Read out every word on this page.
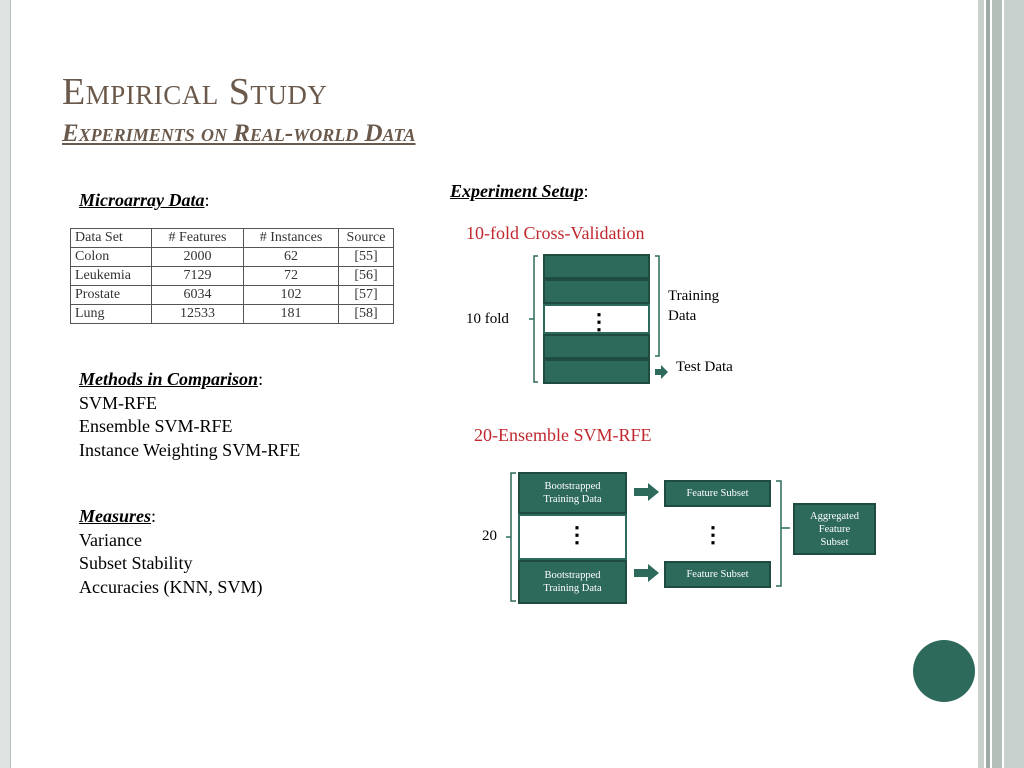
Empirical Study
Experiments on Real-world Data
Microarray Data:
Data Set	# Features	# Instances	Source
Colon	2000	62	[55]
Leukemia	7129	72	[56]
Prostate	6034	102	[57]
Lung	12533	181	[58]
Methods in Comparison:
SVM-RFE
Ensemble SVM-RFE
Instance Weighting SVM-RFE
Measures:
Variance
Subset Stability
Accuracies (KNN, SVM)
Experiment Setup:
10-fold Cross-Validation
⋮
10 fold
Training
Data
Test Data
20-Ensemble SVM-RFE
20
Bootstrapped
Training Data
⋮
Bootstrapped
Training Data
Feature Subset
⋮
Feature Subset
Aggregated
Feature
Subset
